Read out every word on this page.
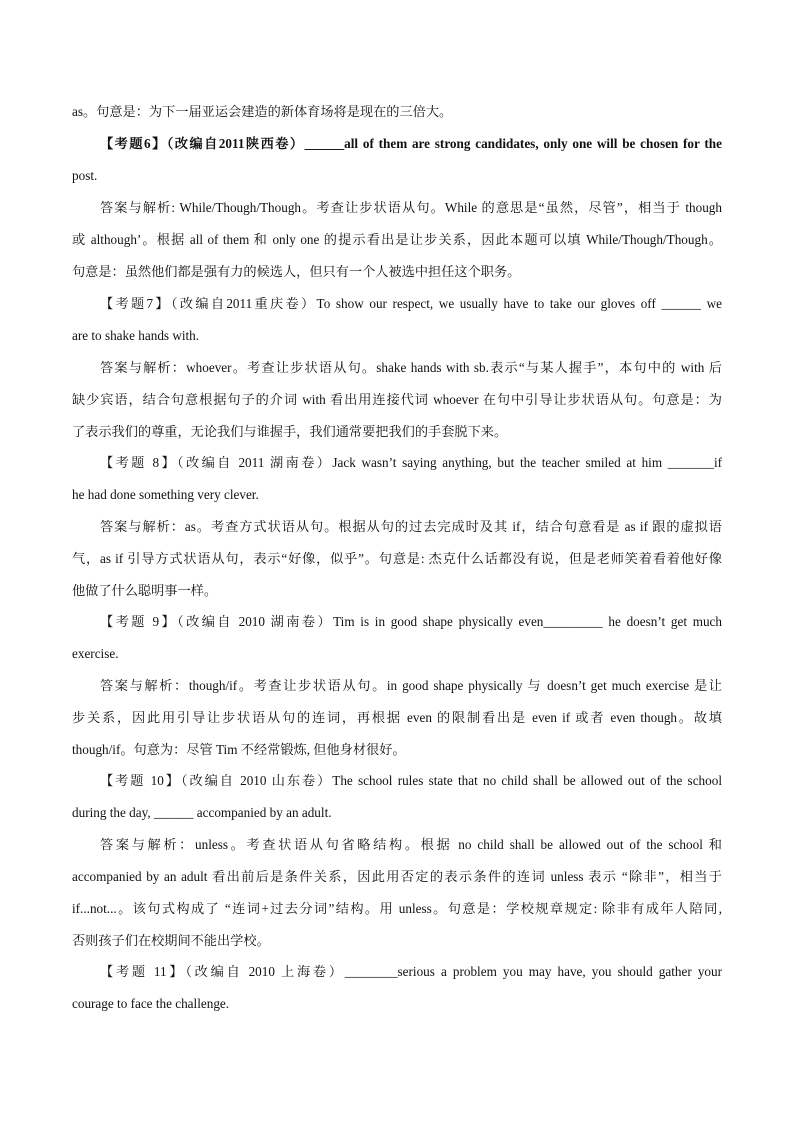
as。句意是：为下一届亚运会建造的新体育场将是现在的三倍大。
【考题6】（改编自2011陕西卷）______all of them are strong candidates, only one will be chosen for the
post.
答案与解析: While/Though/Though。考查让步状语从句。While 的意思是“虽然，尽管”，相当于 though
或 although’。根据 all of them 和 only one 的提示看出是让步关系，因此本题可以填 While/Though/Though。
句意是：虽然他们都是强有力的候选人，但只有一个人被选中担任这个职务。
【考题7】（改编自2011重庆卷）To show our respect, we usually have to take our gloves off ______ we
are to shake hands with.
答案与解析：whoever。考查让步状语从句。shake hands with sb.表示“与某人握手”，本句中的 with 后
缺少宾语，结合句意根据句子的介词 with 看出用连接代词 whoever 在句中引导让步状语从句。句意是：为
了表示我们的尊重，无论我们与谁握手，我们通常要把我们的手套脱下来。
【考题 8】（改编自 2011 湖南卷）Jack wasn’t saying anything, but the teacher smiled at him _______if
he had done something very clever.
答案与解析：as。考查方式状语从句。根据从句的过去完成时及其 if，结合句意看是 as if 跟的虚拟语
气，as if 引导方式状语从句，表示“好像，似乎”。句意是: 杰克什么话都没有说，但是老师笑着看着他好像
他做了什么聪明事一样。
【考题 9】（改编自 2010 湖南卷）Tim is in good shape physically even_________ he doesn’t get much
exercise.
答案与解析：though/if。考查让步状语从句。in good shape physically 与 doesn’t get much exercise 是让
步关系，因此用引导让步状语从句的连词，再根据 even 的限制看出是 even if 或者 even though。故填
though/if。句意为：尽管 Tim 不经常锻炼, 但他身材很好。
【考题 10】（改编自 2010 山东卷）The school rules state that no child shall be allowed out of the school
during the day, ______ accompanied by an adult.
答案与解析：unless。考查状语从句省略结构。根据 no child shall be allowed out of the school 和
accompanied by an adult 看出前后是条件关系，因此用否定的表示条件的连词 unless 表示 “除非”，相当于
if...not...。该句式构成了 “连词+过去分词”结构。用 unless。句意是：学校规章规定: 除非有成年人陪同,
否则孩子们在校期间不能出学校。
【考题 11】（改编自 2010 上海卷）________serious a problem you may have, you should gather your
courage to face the challenge.
